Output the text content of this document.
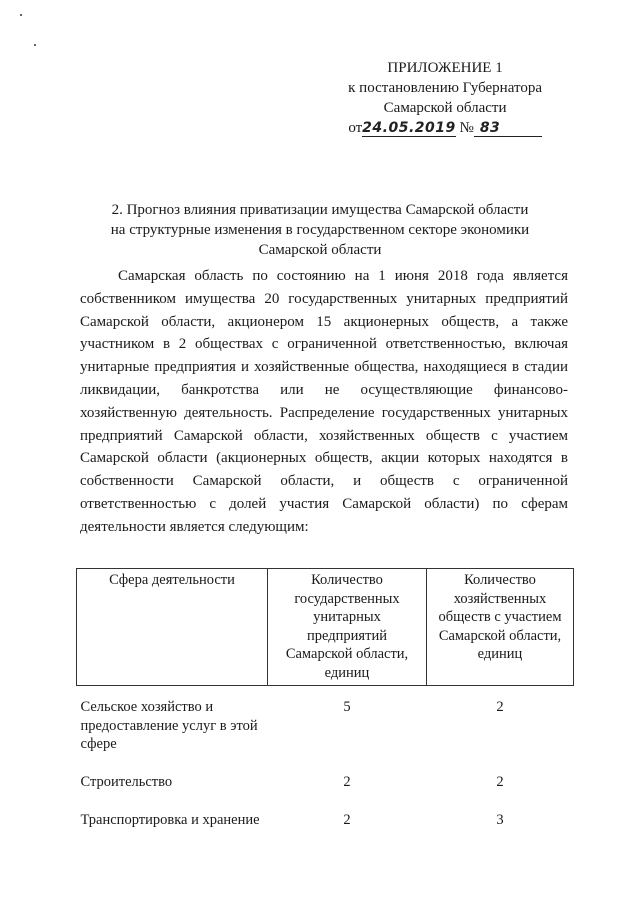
ПРИЛОЖЕНИЕ 1
к постановлению Губернатора
Самарской области
от24.05.2019 № 83
2. Прогноз влияния приватизации имущества Самарской области
на структурные изменения в государственном секторе экономики
Самарской области

Самарская область по состоянию на 1 июня 2018 года является собственником имущества 20 государственных унитарных предприятий Самарской области, акционером 15 акционерных обществ, а также участником в 2 обществах с ограниченной ответственностью, включая унитарные предприятия и хозяйственные общества, находящиеся в стадии ликвидации, банкротства или не осуществляющие финансово-хозяйственную деятельность. Распределение государственных унитарных предприятий Самарской области, хозяйственных обществ с участием Самарской области (акционерных обществ, акции которых находятся в собственности Самарской области, и обществ с ограниченной ответственностью с долей участия Самарской области) по сферам деятельности является следующим:

Сфера деятельности	Количество государственных унитарных предприятий Самарской области, единиц	Количество хозяйственных обществ с участием Самарской области, единиц
Сельское хозяйство и предоставление услуг в этой сфере	5	2
Строительство	2	2
Транспортировка и хранение	2	3
